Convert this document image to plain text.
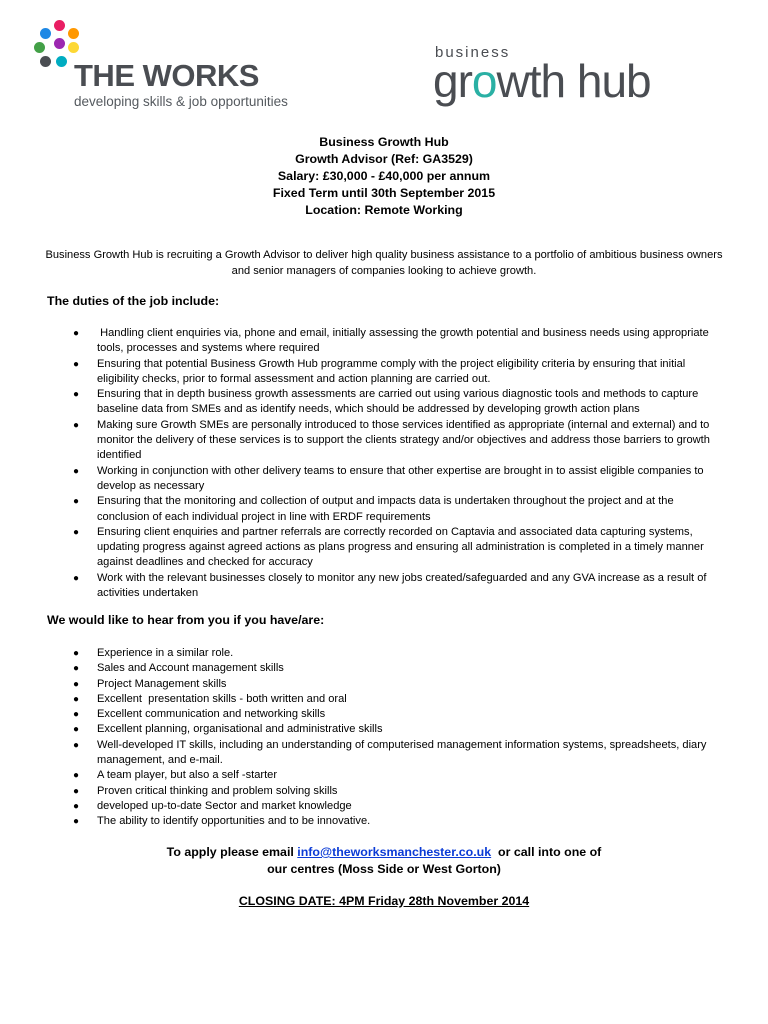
THE WORKS
developing skills & job opportunities
business
growth hub
Business Growth Hub
Growth Advisor (Ref: GA3529)
Salary: £30,000 - £40,000 per annum
Fixed Term until 30th September 2015
Location: Remote Working
Business Growth Hub is recruiting a Growth Advisor to deliver high quality business assistance to a portfolio of ambitious business owners and senior managers of companies looking to achieve growth.
The duties of the job include:
● Handling client enquiries via, phone and email, initially assessing the growth potential and business needs using appropriate tools, processes and systems where required
● Ensuring that potential Business Growth Hub programme comply with the project eligibility criteria by ensuring that initial eligibility checks, prior to formal assessment and action planning are carried out.
● Ensuring that in depth business growth assessments are carried out using various diagnostic tools and methods to capture baseline data from SMEs and as identify needs, which should be addressed by developing growth action plans
● Making sure Growth SMEs are personally introduced to those services identified as appropriate (internal and external) and to monitor the delivery of these services is to support the clients strategy and/or objectives and address those barriers to growth identified
● Working in conjunction with other delivery teams to ensure that other expertise are brought in to assist eligible companies to develop as necessary
● Ensuring that the monitoring and collection of output and impacts data is undertaken throughout the project and at the conclusion of each individual project in line with ERDF requirements
● Ensuring client enquiries and partner referrals are correctly recorded on Captavia and associated data capturing systems, updating progress against agreed actions as plans progress and ensuring all administration is completed in a timely manner against deadlines and checked for accuracy
● Work with the relevant businesses closely to monitor any new jobs created/safeguarded and any GVA increase as a result of activities undertaken
We would like to hear from you if you have/are:
● Experience in a similar role.
● Sales and Account management skills
● Project Management skills
● Excellent  presentation skills - both written and oral
● Excellent communication and networking skills
● Excellent planning, organisational and administrative skills
● Well-developed IT skills, including an understanding of computerised management information systems, spreadsheets, diary management, and e-mail.
● A team player, but also a self -starter
● Proven critical thinking and problem solving skills
● developed up-to-date Sector and market knowledge
● The ability to identify opportunities and to be innovative.
To apply please email info@theworksmanchester.co.uk  or call into one of
our centres (Moss Side or West Gorton)
CLOSING DATE: 4PM Friday 28th November 2014
